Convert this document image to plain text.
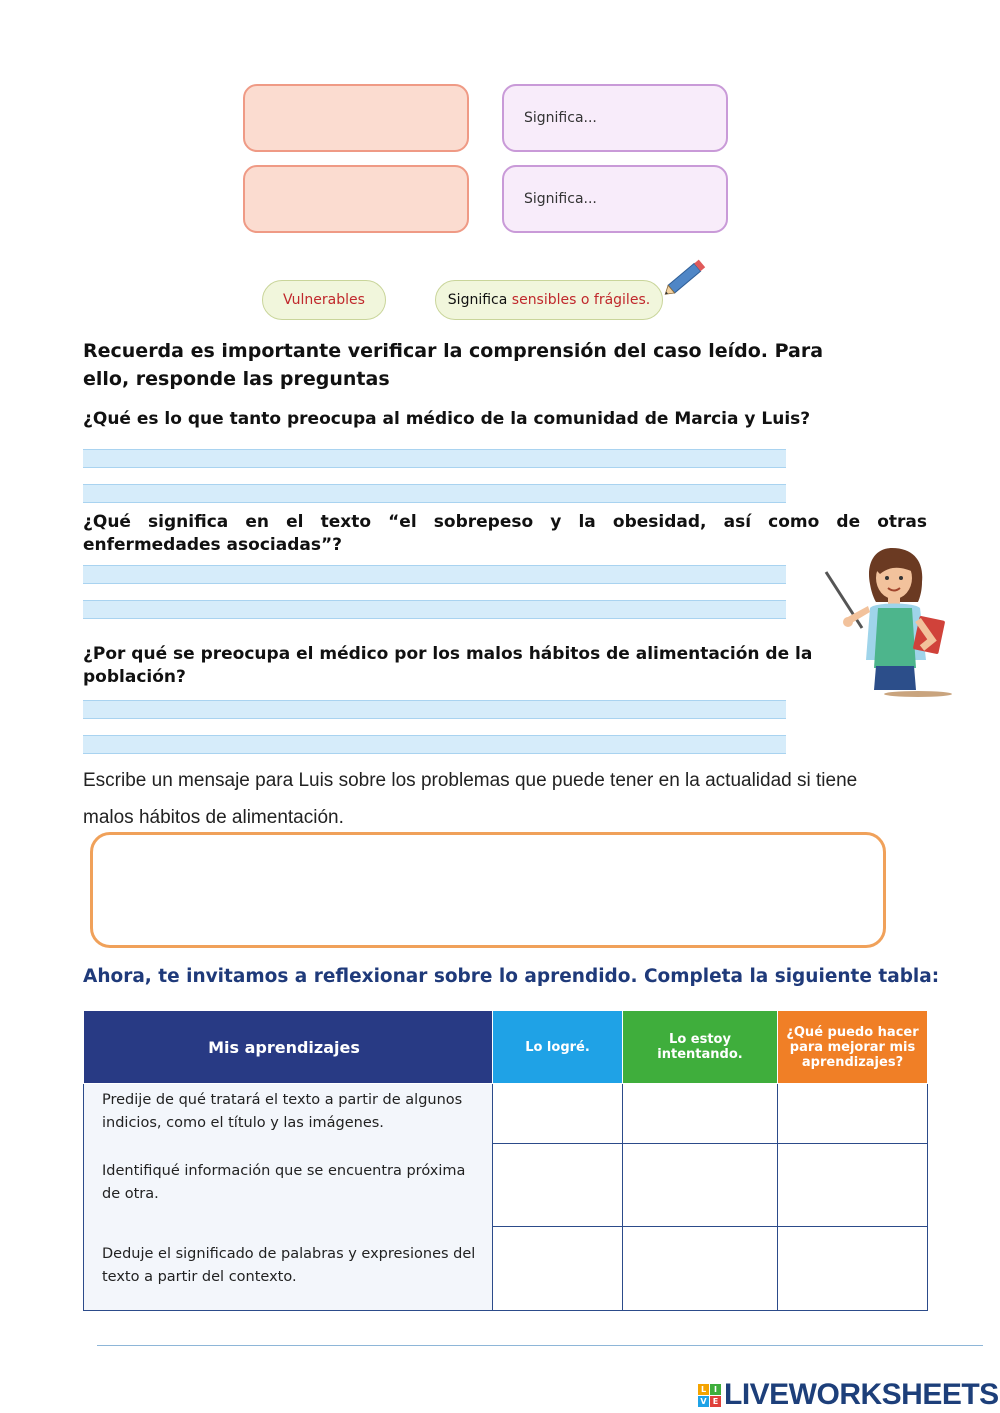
Significa...
Significa...
Vulnerables	Significa sensibles o frágiles.
Recuerda es importante verificar la comprensión del caso leído. Para
ello, responde las preguntas
¿Qué es lo que tanto preocupa al médico de la comunidad de Marcia y Luis?
¿Qué significa en el texto “el sobrepeso y la obesidad, así como de otras
enfermedades asociadas”?
¿Por qué se preocupa el médico por los malos hábitos de alimentación de la
población?
Escribe un mensaje para Luis sobre los problemas que puede tener en la actualidad si tiene
malos hábitos de alimentación.
Ahora, te invitamos a reflexionar sobre lo aprendido. Completa la siguiente tabla:
Mis aprendizajes	Lo logré.	Lo estoy intentando.	¿Qué puedo hacer para mejorar mis aprendizajes?
Predije de qué tratará el texto a partir de algunos indicios, como el título y las imágenes.			
Identifiqué información que se encuentra próxima de otra.			
Deduje el significado de palabras y expresiones del texto a partir del contexto.			
L I
V E LIVEWORKSHEETS
